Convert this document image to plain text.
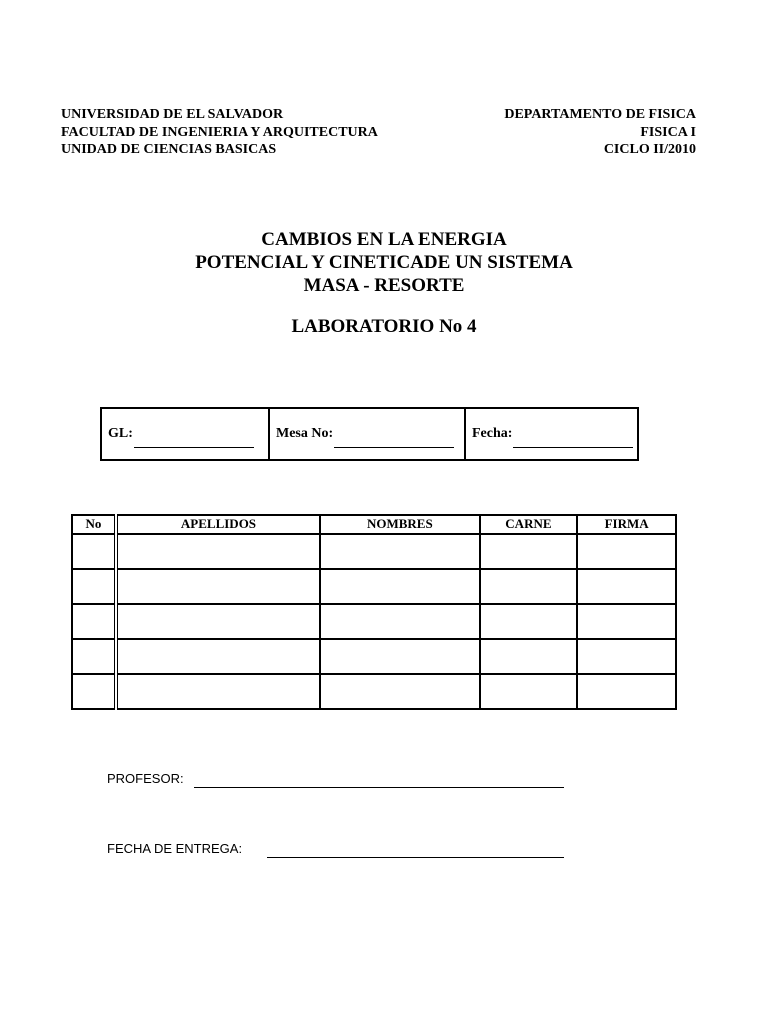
UNIVERSIDAD DE EL SALVADOR
FACULTAD DE INGENIERIA Y ARQUITECTURA
UNIDAD DE CIENCIAS BASICAS
DEPARTAMENTO DE FISICA
FISICA I
CICLO II/2010
CAMBIOS EN LA ENERGIA
POTENCIAL Y CINETICADE UN SISTEMA
MASA - RESORTE
LABORATORIO No 4
GL:	Mesa No:	Fecha:
No	APELLIDOS	NOMBRES	CARNE	FIRMA

PROFESOR:
FECHA DE ENTREGA:
